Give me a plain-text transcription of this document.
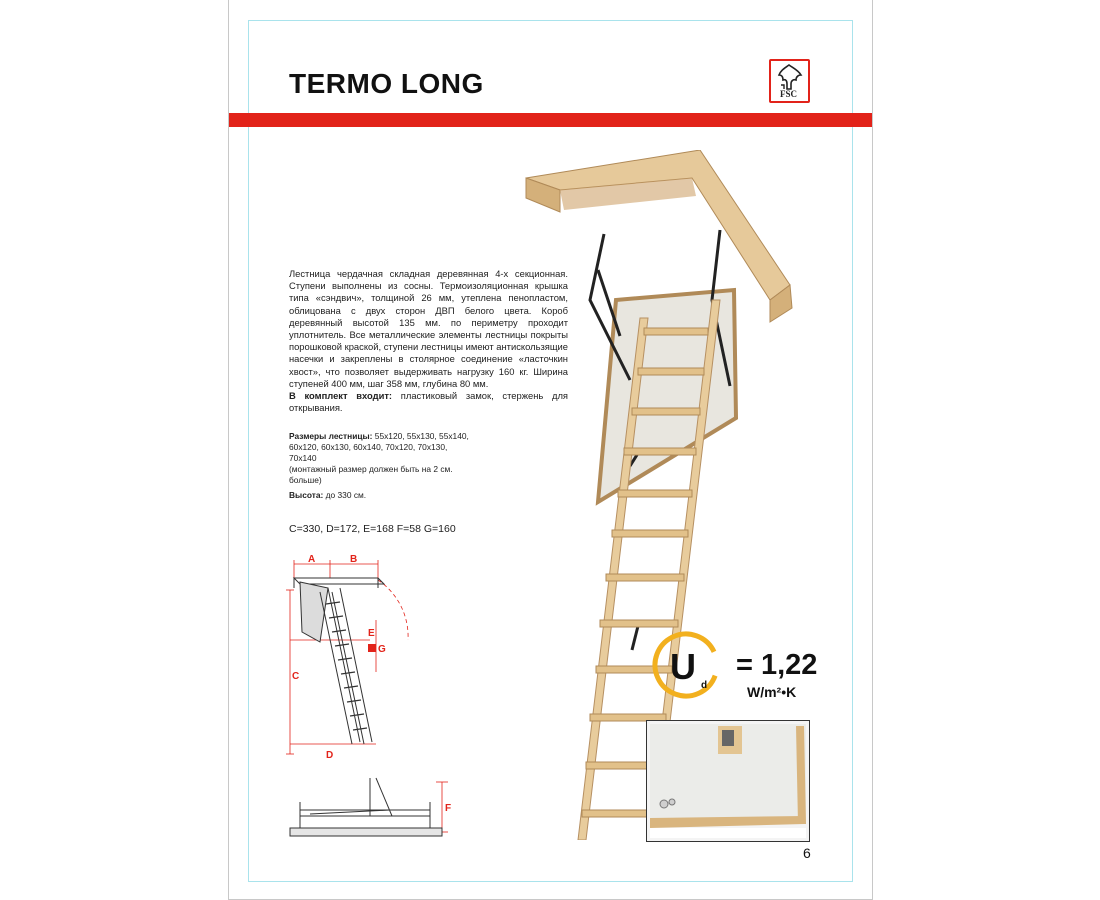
TERMO LONG	FSC
Лестница чердачная складная деревянная 4-х секционная. Ступени выполнены из сосны. Термоизоляционная крышка типа «сэндвич», толщиной 26 мм, утеплена пенопластом, облицована с двух сторон ДВП белого цвета. Короб деревянный высотой 135 мм. по периметру проходит уплотнитель. Все металлические элементы лестницы покрыты порошковой краской, ступени лестницы имеют антискользящие насечки и закреплены в столярное соединение «ласточкин хвост», что позволяет выдерживать нагрузку 160 кг. Ширина ступеней 400 мм, шаг 358 мм, глубина 80 мм.
В комплект входит: пластиковый замок, стержень для открывания.
Размеры лестницы: 55x120, 55x130, 55x140, 60x120, 60x130, 60x140, 70x120, 70x130, 70x140
(монтажный размер должен быть на 2 см. больше)
Высота: до 330 см.
C=330, D=172, E=168 F=58 G=160
A	B
C
D
E
G
F
U d
= 1,22
W/m²•K
6
